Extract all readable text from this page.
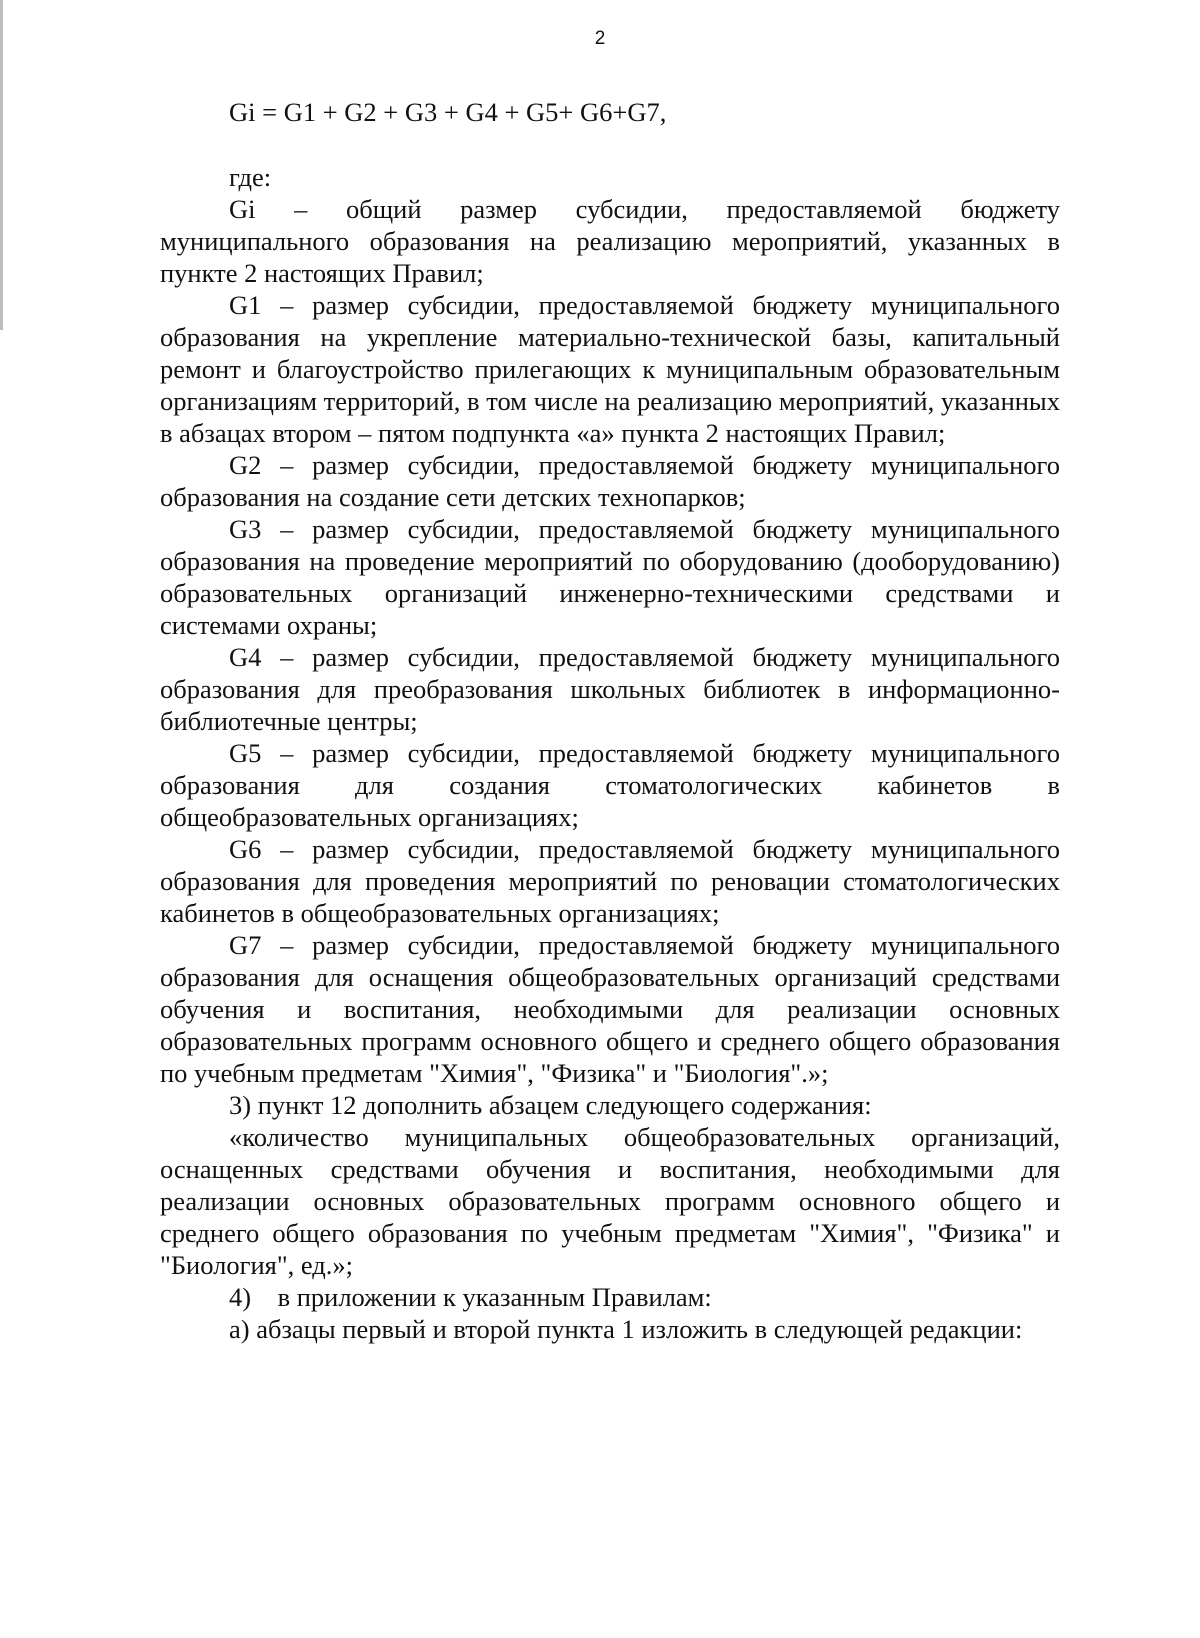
2
Gi = G1 + G2 + G3 + G4 + G5+ G6+G7,

где:

Gi – общий размер субсидии, предоставляемой бюджету муниципального образования на реализацию мероприятий, указанных в пункте 2 настоящих Правил;

G1 – размер субсидии, предоставляемой бюджету муниципального образования на укрепление материально-технической базы, капитальный ремонт и благоустройство прилегающих к муниципальным образовательным организациям территорий, в том числе на реализацию мероприятий, указанных в абзацах втором – пятом подпункта «а» пункта 2 настоящих Правил;

G2 – размер субсидии, предоставляемой бюджету муниципального образования на создание сети детских технопарков;

G3 – размер субсидии, предоставляемой бюджету муниципального образования на проведение мероприятий по оборудованию (дооборудованию) образовательных организаций инженерно-техническими средствами и системами охраны;

G4 – размер субсидии, предоставляемой бюджету муниципального образования для преобразования школьных библиотек в информационно-библиотечные центры;

G5 – размер субсидии, предоставляемой бюджету муниципального образования для создания стоматологических кабинетов в общеобразовательных организациях;

G6 – размер субсидии, предоставляемой бюджету муниципального образования для проведения мероприятий по реновации стоматологических кабинетов в общеобразовательных организациях;

G7 – размер субсидии, предоставляемой бюджету муниципального образования для оснащения общеобразовательных организаций средствами обучения и воспитания, необходимыми для реализации основных образовательных программ основного общего и среднего общего образования по учебным предметам "Химия", "Физика" и "Биология".»;

3) пункт 12 дополнить абзацем следующего содержания:

«количество муниципальных общеобразовательных организаций, оснащенных средствами обучения и воспитания, необходимыми для реализации основных образовательных программ основного общего и среднего общего образования по учебным предметам "Химия", "Физика" и "Биология", ед.»;

4)    в приложении к указанным Правилам:

а) абзацы первый и второй пункта 1 изложить в следующей редакции:
